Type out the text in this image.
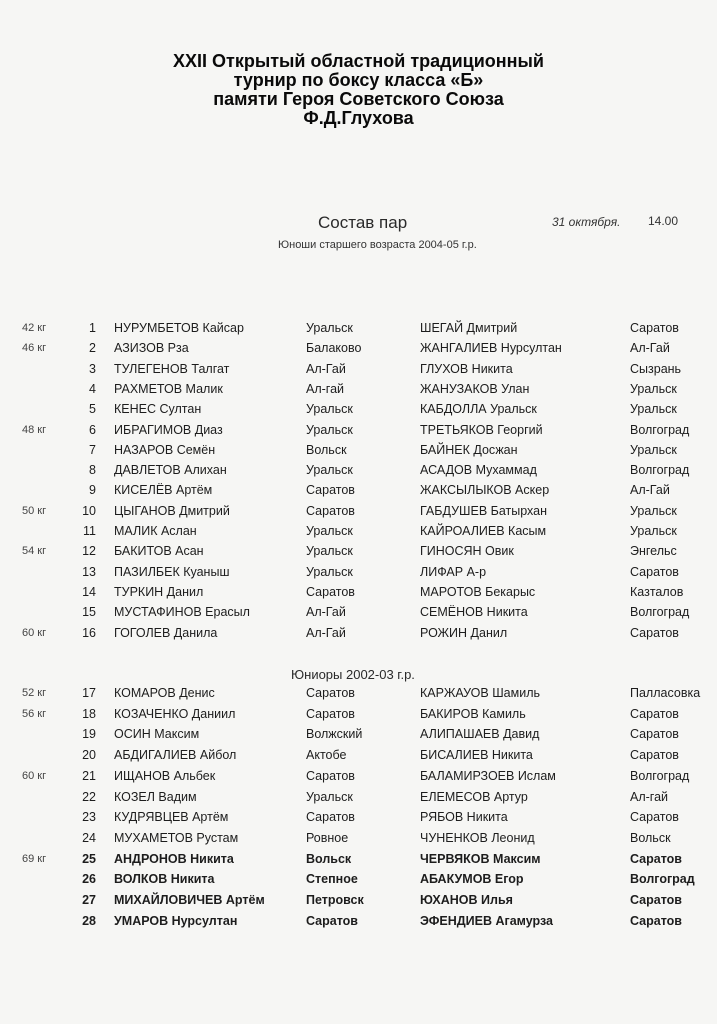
XXII Открытый областной традиционный
турнир по боксу класса «Б»
памяти Героя Советского Союза
Ф.Д.Глухова
Состав пар	31 октября. 14.00
Юноши старшего возраста 2004-05 г.р.
Юниоры 2002-03 г.р.
42 кг	1 НУРУМБЕТОВ Кайсар	Уральск	ШЕГАЙ Дмитрий	Саратов
46 кг	2 АЗИЗОВ Рза	Балаково	ЖАНГАЛИЕВ Нурсултан	Ал-Гай
3 ТУЛЕГЕНОВ Талгат	Ал-Гай	ГЛУХОВ Никита	Сызрань
4 РАХМЕТОВ Малик	Ал-гай	ЖАНУЗАКОВ Улан	Уральск
5 КЕНЕС Султан	Уральск	КАБДОЛЛА Уральск	Уральск
48 кг	6 ИБРАГИМОВ Диаз	Уральск	ТРЕТЬЯКОВ Георгий	Волгоград
7 НАЗАРОВ Семён	Вольск	БАЙНЕК Досжан	Уральск
8 ДАВЛЕТОВ Алихан	Уральск	АСАДОВ Мухаммад	Волгоград
9 КИСЕЛЁВ Артём	Саратов	ЖАКСЫЛЫКОВ Аскер	Ал-Гай
50 кг	10 ЦЫГАНОВ Дмитрий	Саратов	ГАБДУШЕВ Батырхан	Уральск
11 МАЛИК Аслан	Уральск	КАЙРОАЛИЕВ Касым	Уральск
54 кг	12 БАКИТОВ Асан	Уральск	ГИНОСЯН Овик	Энгельс
13 ПАЗИЛБЕК Куаныш	Уральск	ЛИФАР А-р	Саратов
14 ТУРКИН Данил	Саратов	МАРОТОВ Бекарыс	Казталов
15 МУСТАФИНОВ Ерасыл	Ал-Гай	СЕМЁНОВ Никита	Волгоград
60 кг	16 ГОГОЛЕВ Данила	Ал-Гай	РОЖИН Данил	Саратов
52 кг	17 КОМАРОВ Денис	Саратов	КАРЖАУОВ Шамиль	Палласовка
56 кг	18 КОЗАЧЕНКО Даниил	Саратов	БАКИРОВ Камиль	Саратов
19 ОСИН Максим	Волжский	АЛИПАШАЕВ Давид	Саратов
20 АБДИГАЛИЕВ Айбол	Актобе	БИСАЛИЕВ Никита	Саратов
60 кг	21 ИЩАНОВ Альбек	Саратов	БАЛАМИРЗОЕВ Ислам	Волгоград
22 КОЗЕЛ Вадим	Уральск	ЕЛЕМЕСОВ Артур	Ал-гай
23 КУДРЯВЦЕВ Артём	Саратов	РЯБОВ Никита	Саратов
24 МУХАМЕТОВ Рустам	Ровное	ЧУНЕНКОВ Леонид	Вольск
69 кг	25 АНДРОНОВ Никита	Вольск	ЧЕРВЯКОВ Максим	Саратов
26 ВОЛКОВ Никита	Степное	АБАКУМОВ Егор	Волгоград
27 МИХАЙЛОВИЧЕВ Артём	Петровск	ЮХАНОВ Илья	Саратов
28 УМАРОВ Нурсултан	Саратов	ЭФЕНДИЕВ Агамурза	Саратов
